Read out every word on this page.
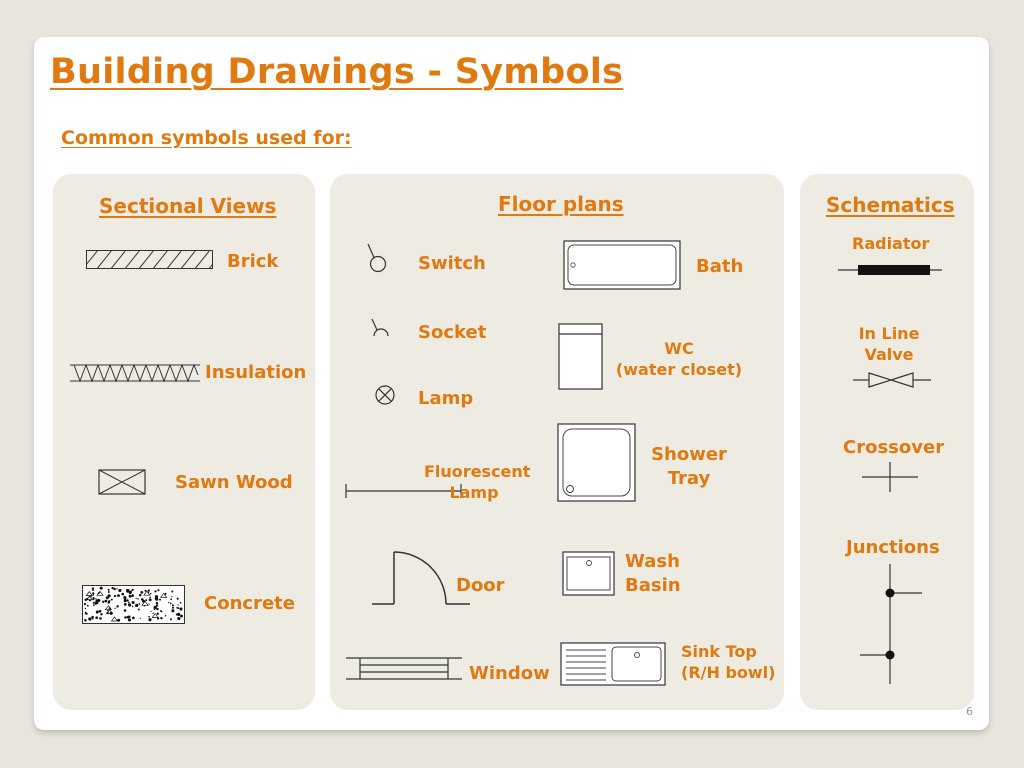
Building Drawings - Symbols
Common symbols used for:
Sectional Views
Brick
Insulation
Sawn Wood
Concrete
Floor plans
Switch
Socket
Lamp
Fluorescent
Lamp
Door
Window
Bath
WC
(water closet)
Shower
Tray
Wash
Basin
Sink Top
(R/H bowl)
Schematics
Radiator
In Line
Valve
Crossover
Junctions
6
